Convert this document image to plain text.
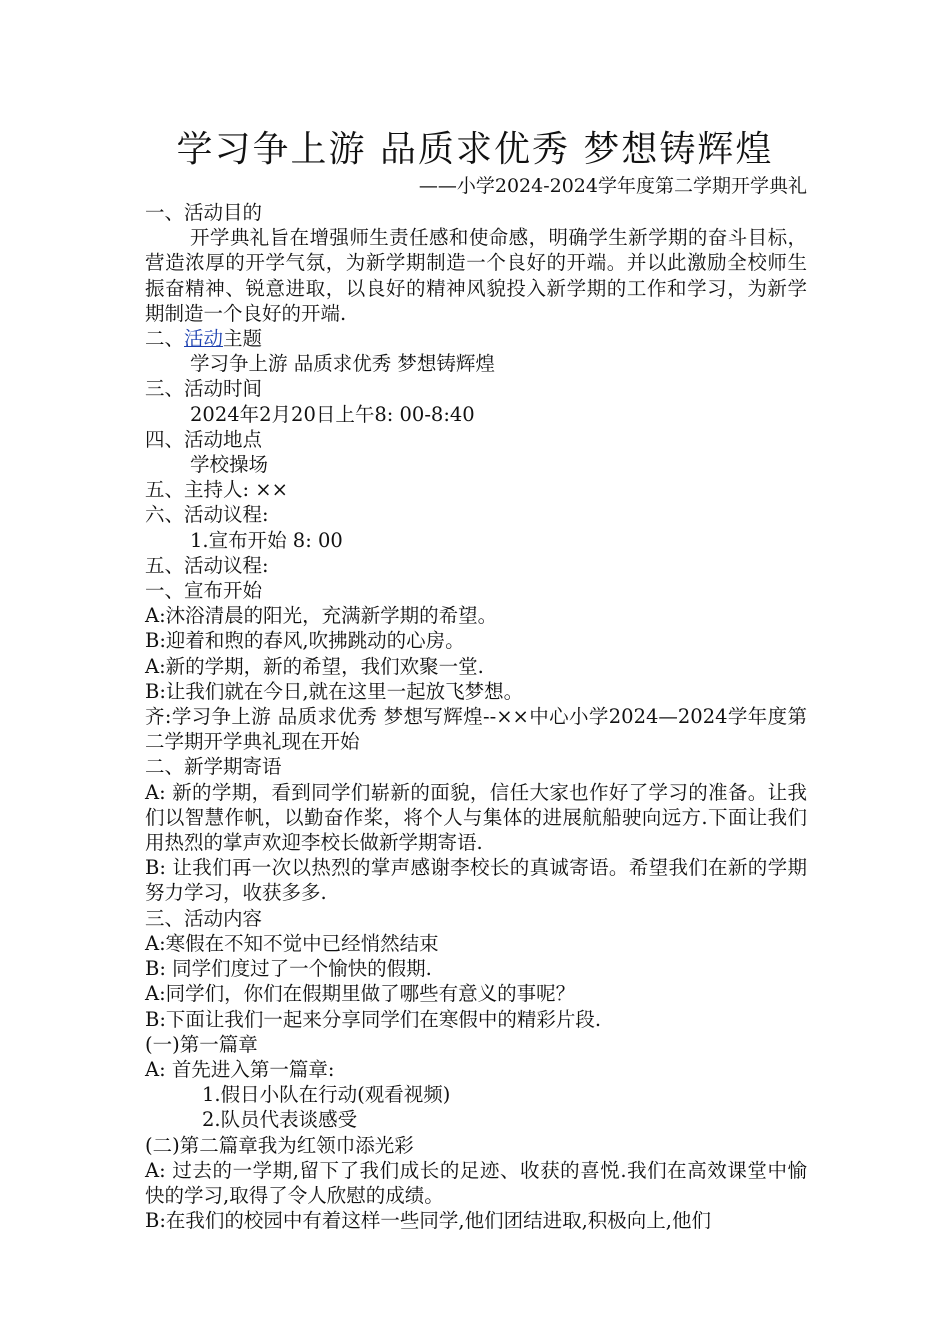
学习争上游 品质求优秀 梦想铸辉煌
——小学2024-2024学年度第二学期开学典礼
一、活动目的
开学典礼旨在增强师生责任感和使命感，明确学生新学期的奋斗目标，营造浓厚的开学气氛，为新学期制造一个良好的开端。并以此激励全校师生振奋精神、锐意进取，以良好的精神风貌投入新学期的工作和学习，为新学期制造一个良好的开端.
二、活动主题
学习争上游 品质求优秀 梦想铸辉煌
三、活动时间
2024年2月20日上午8: 00-8:40
四、活动地点
学校操场
五、主持人: ××
六、活动议程:
1.宣布开始 8: 00
五、活动议程:
一、宣布开始
A:沐浴清晨的阳光，充满新学期的希望。
B:迎着和煦的春风,吹拂跳动的心房。
A:新的学期，新的希望，我们欢聚一堂.
B:让我们就在今日,就在这里一起放飞梦想。
齐:学习争上游 品质求优秀 梦想写辉煌--××中心小学2024—2024学年度第二学期开学典礼现在开始
二、新学期寄语
A: 新的学期，看到同学们崭新的面貌，信任大家也作好了学习的准备。让我们以智慧作帆，以勤奋作桨，将个人与集体的进展航船驶向远方.下面让我们用热烈的掌声欢迎李校长做新学期寄语.
B: 让我们再一次以热烈的掌声感谢李校长的真诚寄语。希望我们在新的学期努力学习，收获多多.
三、活动内容
A:寒假在不知不觉中已经悄然结束
B: 同学们度过了一个愉快的假期.
A:同学们，你们在假期里做了哪些有意义的事呢？
B:下面让我们一起来分享同学们在寒假中的精彩片段.
(一)第一篇章
A: 首先进入第一篇章:
1.假日小队在行动(观看视频)
2.队员代表谈感受
(二)第二篇章我为红领巾添光彩
A: 过去的一学期,留下了我们成长的足迹、收获的喜悦.我们在高效课堂中愉快的学习,取得了令人欣慰的成绩。
B:在我们的校园中有着这样一些同学,他们团结进取,积极向上,他们
